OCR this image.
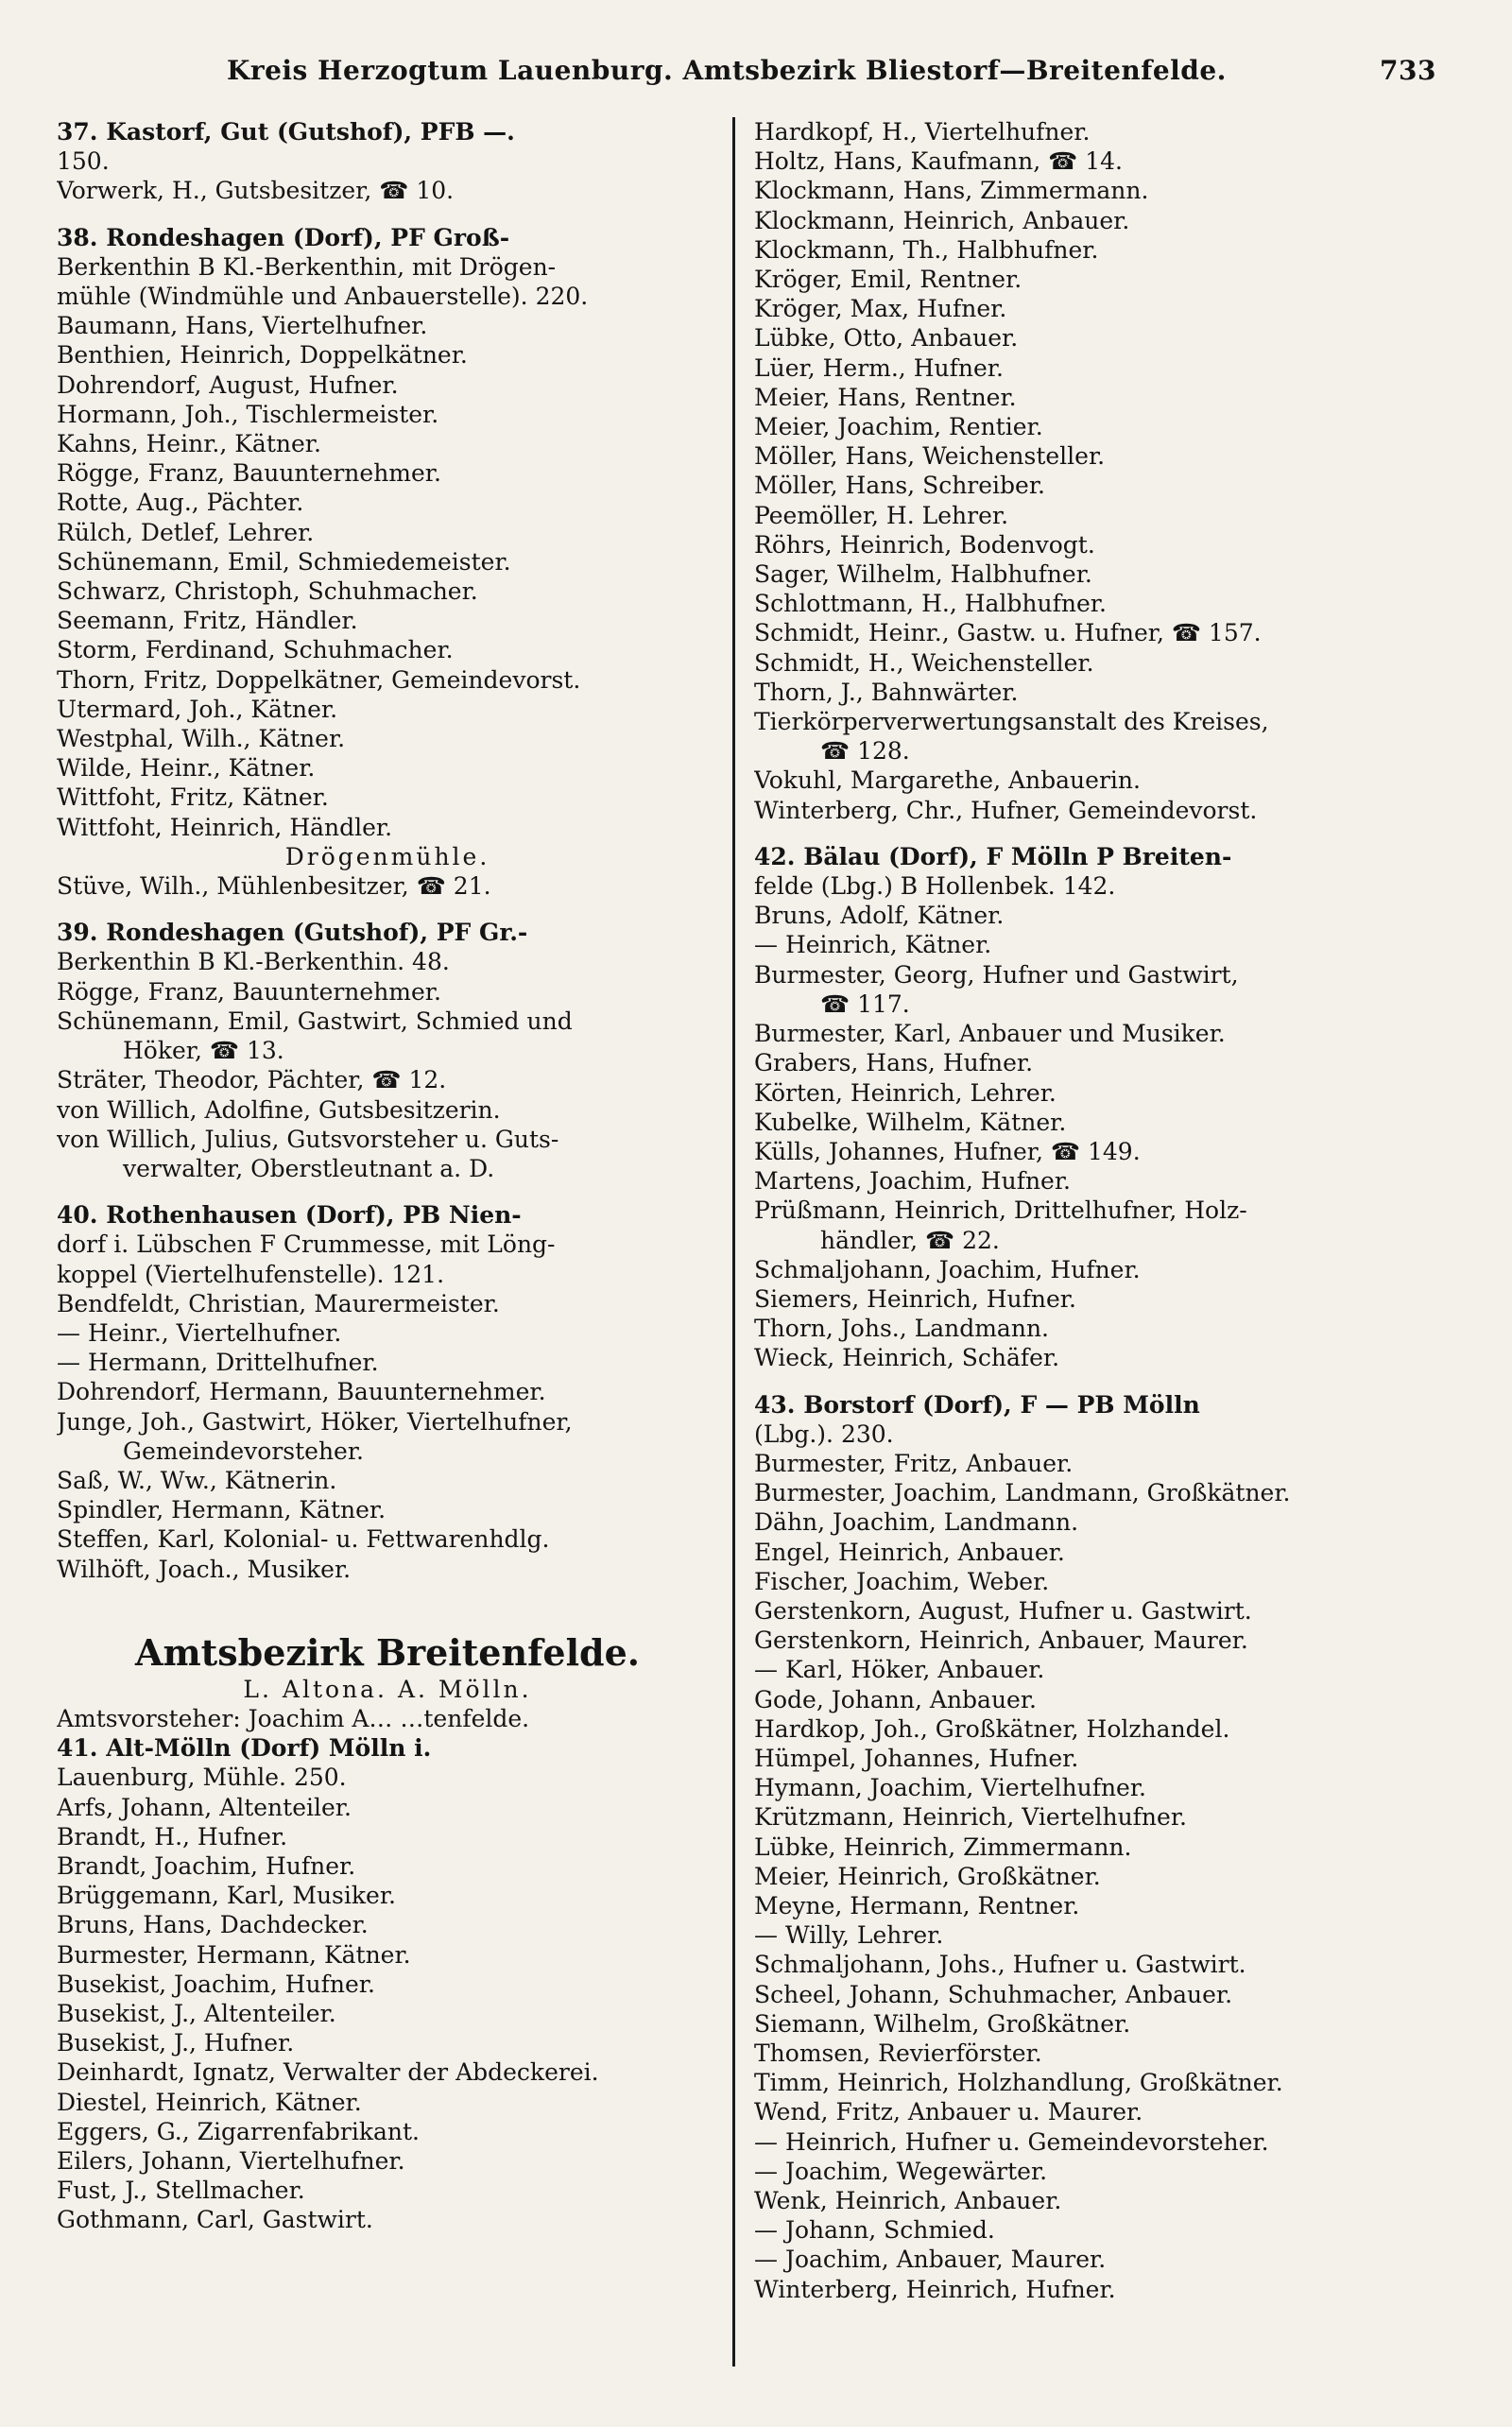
Kreis Herzogtum Lauenburg. Amtsbezirk Bliestorf—Breitenfelde.	733
37. Kastorf, Gut (Gutshof), PFB —.
150.
Vorwerk, H., Gutsbesitzer, ☎ 10.
38. Rondeshagen (Dorf), PF Groß-
Berkenthin B Kl.-Berkenthin, mit Drögen-
mühle (Windmühle und Anbauerstelle). 220.
Baumann, Hans, Viertelhufner.
Benthien, Heinrich, Doppelkätner.
Dohrendorf, August, Hufner.
Hormann, Joh., Tischlermeister.
Kahns, Heinr., Kätner.
Rögge, Franz, Bauunternehmer.
Rotte, Aug., Pächter.
Rülch, Detlef, Lehrer.
Schünemann, Emil, Schmiedemeister.
Schwarz, Christoph, Schuhmacher.
Seemann, Fritz, Händler.
Storm, Ferdinand, Schuhmacher.
Thorn, Fritz, Doppelkätner, Gemeindevorst.
Utermard, Joh., Kätner.
Westphal, Wilh., Kätner.
Wilde, Heinr., Kätner.
Wittfoht, Fritz, Kätner.
Wittfoht, Heinrich, Händler.
Drögenmühle.
Stüve, Wilh., Mühlenbesitzer, ☎ 21.
39. Rondeshagen (Gutshof), PF Gr.-
Berkenthin B Kl.-Berkenthin. 48.
Rögge, Franz, Bauunternehmer.
Schünemann, Emil, Gastwirt, Schmied und
Höker, ☎ 13.
Sträter, Theodor, Pächter, ☎ 12.
von Willich, Adolfine, Gutsbesitzerin.
von Willich, Julius, Gutsvorsteher u. Guts-
verwalter, Oberstleutnant a. D.
40. Rothenhausen (Dorf), PB Nien-
dorf i. Lübschen F Crummesse, mit Löng-
koppel (Viertelhufenstelle). 121.
Bendfeldt, Christian, Maurermeister.
— Heinr., Viertelhufner.
— Hermann, Drittelhufner.
Dohrendorf, Hermann, Bauunternehmer.
Junge, Joh., Gastwirt, Höker, Viertelhufner,
Gemeindevorsteher.
Saß, W., Ww., Kätnerin.
Spindler, Hermann, Kätner.
Steffen, Karl, Kolonial- u. Fettwarenhdlg.
Wilhöft, Joach., Musiker.
Amtsbezirk Breitenfelde.
L. Altona. A. Mölln.
Amtsvorsteher: Joachim A… …tenfelde.
41. Alt-Mölln (Dorf) Mölln i.
Lauenburg, Mühle. 250.
Arfs, Johann, Altenteiler.
Brandt, H., Hufner.
Brandt, Joachim, Hufner.
Brüggemann, Karl, Musiker.
Bruns, Hans, Dachdecker.
Burmester, Hermann, Kätner.
Busekist, Joachim, Hufner.
Busekist, J., Altenteiler.
Busekist, J., Hufner.
Deinhardt, Ignatz, Verwalter der Abdeckerei.
Diestel, Heinrich, Kätner.
Eggers, G., Zigarrenfabrikant.
Eilers, Johann, Viertelhufner.
Fust, J., Stellmacher.
Gothmann, Carl, Gastwirt.
Hardkopf, H., Viertelhufner.
Holtz, Hans, Kaufmann, ☎ 14.
Klockmann, Hans, Zimmermann.
Klockmann, Heinrich, Anbauer.
Klockmann, Th., Halbhufner.
Kröger, Emil, Rentner.
Kröger, Max, Hufner.
Lübke, Otto, Anbauer.
Lüer, Herm., Hufner.
Meier, Hans, Rentner.
Meier, Joachim, Rentier.
Möller, Hans, Weichensteller.
Möller, Hans, Schreiber.
Peemöller, H. Lehrer.
Röhrs, Heinrich, Bodenvogt.
Sager, Wilhelm, Halbhufner.
Schlottmann, H., Halbhufner.
Schmidt, Heinr., Gastw. u. Hufner, ☎ 157.
Schmidt, H., Weichensteller.
Thorn, J., Bahnwärter.
Tierkörperverwertungsanstalt des Kreises,
☎ 128.
Vokuhl, Margarethe, Anbauerin.
Winterberg, Chr., Hufner, Gemeindevorst.
42. Bälau (Dorf), F Mölln P Breiten-
felde (Lbg.) B Hollenbek. 142.
Bruns, Adolf, Kätner.
— Heinrich, Kätner.
Burmester, Georg, Hufner und Gastwirt,
☎ 117.
Burmester, Karl, Anbauer und Musiker.
Grabers, Hans, Hufner.
Körten, Heinrich, Lehrer.
Kubelke, Wilhelm, Kätner.
Külls, Johannes, Hufner, ☎ 149.
Martens, Joachim, Hufner.
Prüßmann, Heinrich, Drittelhufner, Holz-
händler, ☎ 22.
Schmaljohann, Joachim, Hufner.
Siemers, Heinrich, Hufner.
Thorn, Johs., Landmann.
Wieck, Heinrich, Schäfer.
43. Borstorf (Dorf), F — PB Mölln
(Lbg.). 230.
Burmester, Fritz, Anbauer.
Burmester, Joachim, Landmann, Großkätner.
Dähn, Joachim, Landmann.
Engel, Heinrich, Anbauer.
Fischer, Joachim, Weber.
Gerstenkorn, August, Hufner u. Gastwirt.
Gerstenkorn, Heinrich, Anbauer, Maurer.
— Karl, Höker, Anbauer.
Gode, Johann, Anbauer.
Hardkop, Joh., Großkätner, Holzhandel.
Hümpel, Johannes, Hufner.
Hymann, Joachim, Viertelhufner.
Krützmann, Heinrich, Viertelhufner.
Lübke, Heinrich, Zimmermann.
Meier, Heinrich, Großkätner.
Meyne, Hermann, Rentner.
— Willy, Lehrer.
Schmaljohann, Johs., Hufner u. Gastwirt.
Scheel, Johann, Schuhmacher, Anbauer.
Siemann, Wilhelm, Großkätner.
Thomsen, Revierförster.
Timm, Heinrich, Holzhandlung, Großkätner.
Wend, Fritz, Anbauer u. Maurer.
— Heinrich, Hufner u. Gemeindevorsteher.
— Joachim, Wegewärter.
Wenk, Heinrich, Anbauer.
— Johann, Schmied.
— Joachim, Anbauer, Maurer.
Winterberg, Heinrich, Hufner.
